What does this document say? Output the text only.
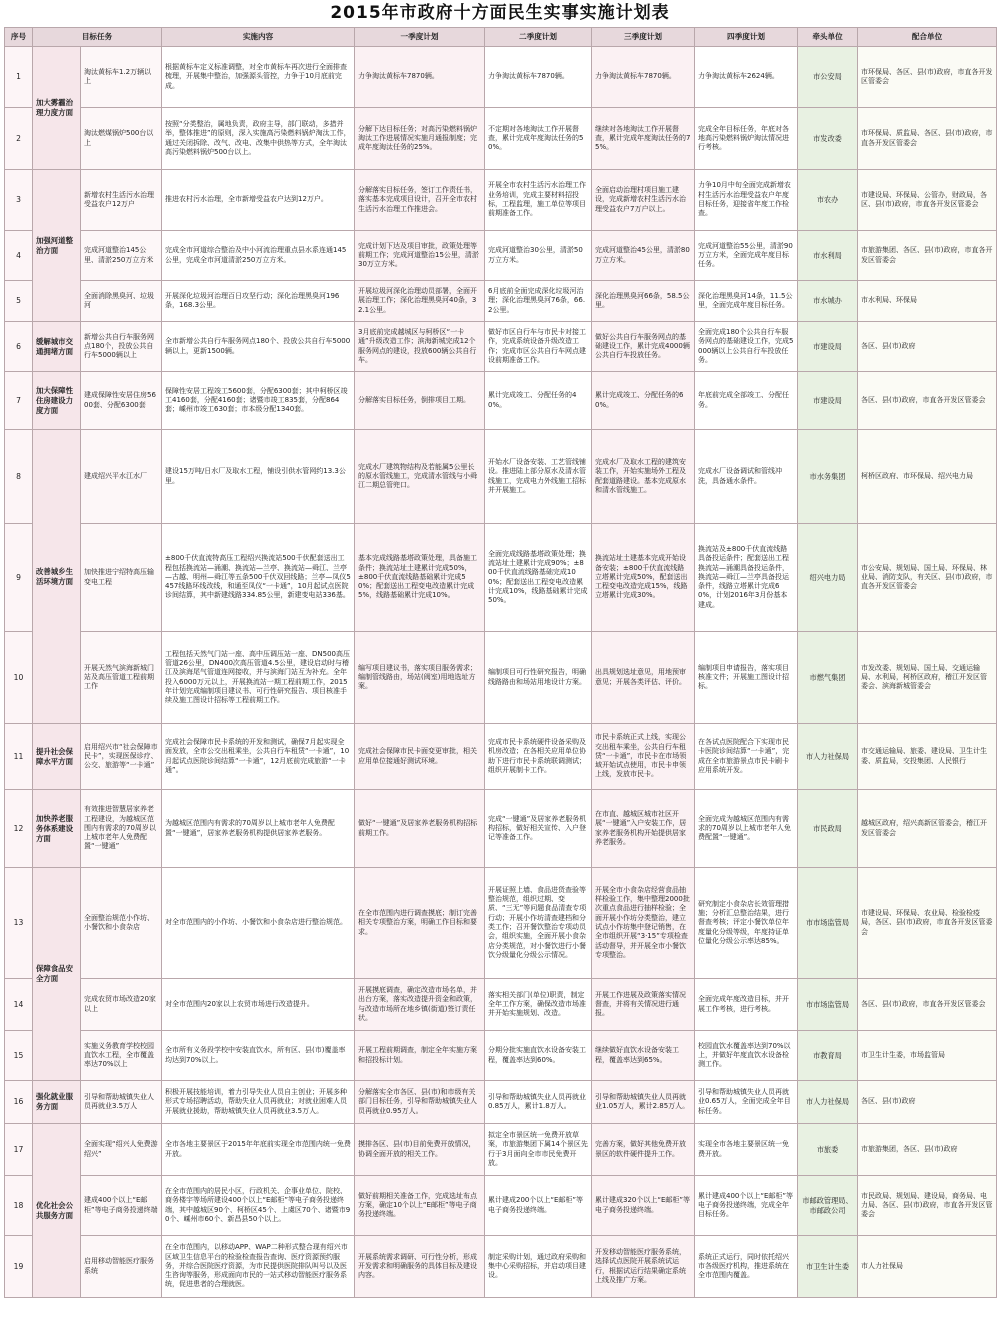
2015年市政府十方面民生实事实施计划表
序号	目标任务		实施内容	一季度计划	二季度计划	三季度计划	四季度计划	牵头单位	配合单位
1	加大雾霾治理力度方面	淘汰黄标车1.2万辆以上	根据黄标车定义标准调整，对全市黄标车再次进行全面排查梳理，开展集中整治，加强源头管控，力争于10月底前完成。	力争淘汰黄标车7870辆。	力争淘汰黄标车7870辆。	力争淘汰黄标车7870辆。	力争淘汰黄标车2624辆。	市公安局	市环保局、各区、县(市)政府，市直各开发区管委会
2		淘汰燃煤锅炉500台以上	按照“分类整治，属地负责，政府主导，部门联动，多措并举，整体推进”的原则，深入实施高污染燃料锅炉淘汰工作，通过关闭拆除、改气、改电、改集中供热等方式，全年淘汰高污染燃料锅炉500台以上。	分解下达目标任务；对高污染燃料锅炉淘汰工作进展情况实施月通报制度；完成年度淘汰任务的25%。	不定期对各地淘汰工作开展督查，累计完成年度淘汰任务的50%。	继续对各地淘汰工作开展督查，累计完成年度淘汰任务的75%。	完成全年目标任务，年底对各地高污染燃料锅炉淘汰情况进行考核。	市发改委	市环保局、质监局、各区、县(市)政府，市直各开发区管委会
3	加强河道整治方面	新增农村生活污水治理受益农户12万户	推进农村污水治理，全市新增受益农户达到12万户。	分解落实目标任务，签订工作责任书，落实基本完成项目设计，召开全市农村生活污水治理工作推进会。	开展全市农村生活污水治理工作业务培训，完成主要材料招投标，工程监理，施工单位等项目前期准备工作。	全面启动治理村项目施工建设，完成新增农村生活污水治理受益农户7万户以上。	力争10月中旬全面完成新增农村生活污水治理受益农户年度目标任务，迎接省年度工作检查。	市农办	市建设局、环保局、公管办，财政局，各区、县(市)政府，市直各开发区管委会
4		完成河道整治145公里、清淤250万立方米	完成全市河道综合整治及中小河流治理重点县水系连通145公里，完成全市河道清淤250万立方米。	完成计划下达及项目审批，政策处理等前期工作；完成河道整治15公里，清淤30万立方米。	完成河道整治30公里，清淤50万立方米。	完成河道整治45公里，清淤80万立方米。	完成河道整治55公里，清淤90万立方米，全面完成年度目标任务。	市水利局	市旅游集团、各区、县(市)政府，市直各开发区管委会
5		全面消除黑臭河、垃圾河	开展深化垃圾河治理百日攻坚行动；深化治理黑臭河196条，168.3公里。	开展垃圾河深化治理动员部署，全面开展治理工作；深化治理黑臭河40条，32.1公里。	6月底前全面完成深化垃圾河治理；深化治理黑臭河76条，66.2公里。	深化治理黑臭河66条，58.5公里。	深化治理黑臭河14条，11.5公里，全面完成年度目标任务。	市水城办	市水利局、环保局
6	缓解城市交通拥堵方面	新增公共自行车服务网点180个，投放公共自行车5000辆以上	全市新增公共自行车服务网点180个、投放公共自行车5000辆以上，更新1500辆。	3月底前完成越城区与柯桥区“一卡通”升级改造工作；滨海新城完成12个服务网点的建设，投放600辆公共自行车。	做好市区自行车与市民卡对接工作，完成系统设备升级改造工作；完成市区公共自行车网点建设前期准备工作。	做好公共自行车服务网点的基础建设工作，累计完成4000辆公共自行车投放任务。	全面完成180个公共自行车服务网点的基础建设工作，完成5000辆以上公共自行车投放任务。	市建设局	各区、县(市)政府
7	加大保障性住房建设力度方面	建成保障性安居住房5600套、分配6300套	保障性安居工程竣工5600套，分配6300套；其中柯桥区竣工4160套，分配4160套；诸暨市竣工835套，分配864套；嵊州市竣工630套；市本级分配1340套。	分解落实目标任务，倒排项目工期。	累计完成竣工、分配任务的40%。	累计完成竣工、分配任务的60%。	年底前完成全部竣工、分配任务。	市建设局	各区、县(市)政府，市直各开发区管委会
8	改善城乡生活环境方面	建成绍兴平水江水厂	建设15万吨/日水厂及取水工程，铺设引供水管网约13.3公里。	完成水厂建筑物结构及若能属5公里长的原水管线施工，完成清水管线与小舜江二期总管兜口。	开始水厂设备安装、工艺管线铺设。推进陆上部分原水及清水管线施工，完成电力外线施工招标并开展施工。	完成水厂及取水工程的建筑安装工作，开始实施场外工程及配套道路建设。基本完成原水和清水管线施工。	完成水厂设备调试和管线冲洗，具备通水条件。	市水务集团	柯桥区政府、市环保局、绍兴电力局
9		加快推进宁绍特高压输变电工程	±800千伏直流特高压工程绍兴换流站500千伏配套送出工程包括换流站—涌潮、换流站—兰亭、换流站—舜江、兰亭—古越、明州—舜江等五条500千伏双回线路；兰亭—凤仪5457线路环线改线，和通至凤仪“一卡通”，10月起试点医院诊间结算，其中新建线路334.85公里，新建变电站336基。	基本完成线路基塔政策处理，具备施工条件；换流站址土建累计完成50%，±800千伏直流线路基础累计完成50%；配套送出工程变电改造累计完成5%，线路基础累计完成10%。	全面完成线路基塔政策处理；换流站址土建累计完成90%；±800千伏直流线路基础完成100%；配套送出工程变电改造累计完成10%，线路基础累计完成50%。	换流站址土建基本完成开始设备安装；±800千伏直流线路立塔累计完成50%，配套送出工程变电改造完成15%，线路立塔累计完成30%。	换流站及±800千伏直流线路具备投运条件；配套送出工程换流站—涌潮具备投运条件，换流站—舜江—兰亭具备投运条件，线路立塔累计完成60%，计划2016年3月份基本建成。	绍兴电力局	市公安局、规划局、国土局、环保局、林业局、消防支队，有关区、县(市)政府，市直各开发区管委会
10		开展天然气滨海新城门站及高压管道工程前期工作	工程包括天然气门站一座、高中压调压站一座、DN500高压管道26公里，DN400次高压管道4.5公里，建设启动时与稽江及滨海尾气管道连网接收，并与滨海门站互为补充。全年投入6000万元以上，开展换流站一期工程前期工作，2015年计划完成编制项目建议书、可行性研究报告、项目核准手续及施工图设计招标等工程前期工作。	编写项目建议书，落实项目服务需求；编制管线路由，场站(阀室)用地选址方案。	编制项目可行性研究报告，明确线路路由和场站用地设计方案。	出具规划选址意见，用地预审意见；开展各类评估、评价。	编制项目申请报告，落实项目核准文件；开展施工图设计招标。	市燃气集团	市发改委、规划局、国土局、交通运输局、水利局，柯桥区政府，稽江开发区管委会、滨海新城管委会
11	提升社会保障水平方面	启用绍兴市“社会保障市民卡”，实现医保诊疗、公交、旅游等“一卡通”	完成社会保障市民卡系统的开发和测试，确保7月起实现全面发放，全市公交出租乘坐，公共自行车租赁“一卡通”，10月起试点医院诊间结算“一卡通”，12月底前完成旅游“一卡通”。	完成社会保障市民卡面变更审批，相关应用单位接通好测试环境。	完成市民卡系统硬件设备采购及机房改造；在各相关应用单位协助下进行市民卡系统联调测试；组织开展制卡工作。	市民卡系统正式上线，实现公交出租车乘坐，公共自行车租赁“一卡通”，市民卡在市场领域开始试点使用，市民卡申领上线，发放市民卡。	在各试点医院配合下实现市民卡医院诊间结算“一卡通”，完成在全市旅游景点市民卡刷卡应用系统开发。	市人力社保局	市交通运输局、旅委、建设局、卫生计生委、质监局，交投集团、人民银行
12	加快养老服务体系建设方面	有效推进智慧居家养老工程建设，为越城区范围内有需求的70周岁以上城市老年人免费配置“一键通”	为越城区范围内有需求的70周岁以上城市老年人免费配置“一键通”，居家养老服务机构提供居家养老服务。	做好“一键通”及居家养老服务机构招标前期工作。	完成“一键通”及居家养老服务机构招标，做好相关宣传、入户登记等准备工作。	在市直、越城区城市社区开展“一键通”入户安装工作，居家养老服务机构开始提供居家养老服务。	全面完成为越城区范围内有需求的70周岁以上城市老年人免费配置“一键通”。	市民政局	越城区政府，绍兴高新区管委会，稽江开发区管委会
13	保障食品安全方面	全面整治规范小作坊、小餐饮和小食杂店	对全市范围内的小作坊、小餐饮和小食杂店进行整治规范。	在全市范围内进行调查摸底；制订完善相关专项整治方案，明确工作目标和要求。	开展证照上墙、食品进货查验等整治规范，组织过期、变质、“三无”等问题食品清查专项行动；开展小作坊清查建档和分类工作；召开餐饮整治专项动员会，组织实施，全面开展小食杂店分类规范，对小餐饮进行小餐饮分级量化分级公示情况。	开展全市小食杂店经营食品抽样检验工作，集中整理2000批次重点食品进行抽样检验；全面开展小作坊分类整治，建立试点小作坊集中登记销售，在全市组织开展“3·15”专项检查活动督导，并开展全市小餐饮专项整治。	研究制定小食杂店长效管理措施；分析汇总整治结果，进行督查考核；评定小餐饮单位年度量化分级等级，年度持证单位量化分级公示率达85%。	市市场监管局	市建设局、环保局、农业局、检验检疫局，各区、县(市)政府，市直各开发区管委会
14		完成农贸市场改造20家以上	对全市范围内20家以上农贸市场进行改造提升。	开展摸底调查，确定改造市场名单，并出台方案，落实改造提升资金和政策，与改造市场所在地乡镇(街道)签订责任状。	落实相关部门(单位)职责，制定全年工作方案，确保改造市场准并开始实施规划、改造。	开展工作进展及政策落实情况督查，并将有关情况进行通报。	全面完成年度改造目标，并开展工作考核，进行考核。	市市场监管局	各区、县(市)政府，市直各开发区管委会
15		实施义务教育学校校园直饮水工程，全市覆盖率达70%以上	全市所有义务段学校中安装直饮水，所有区、县(市)覆盖率均达到70%以上。	开展工程前期调查，制定全年实施方案和招投标计划。	分期分批实施直饮水设备安装工程，覆盖率达到60%。	继续做好直饮水设备安装工程，覆盖率达到65%。	校园直饮水覆盖率达到70%以上，并做好年度直饮水设备检测工作。	市教育局	市卫生计生委，市场监管局
16	强化就业服务方面	引导和帮助城镇失业人员再就业3.5万人	积极开展技能培训，着力引导失业人员自主创业；开展多种形式专场招聘活动，帮助失业人员再就业；对就业困难人员开展就业援助，帮助城镇失业人员再就业3.5万人。	分解落实全市各区、县(市)和市级有关部门目标任务，引导和帮助城镇失业人员再就业0.95万人。	引导和帮助城镇失业人员再就业0.85万人，累计1.8万人。	引导和帮助城镇失业人员再就业1.05万人，累计2.85万人。	引导和帮助城镇失业人员再就业0.65万人，全面完成全年目标任务。	市人力社保局	各区、县(市)政府
17	优化社会公共服务方面	全面实现“绍兴人免费游绍兴”	全市各地主要景区于2015年年底前实现全市范围内统一免费开放。	摸排各区、县(市)目前免费开放情况，协调全面开放的相关工作。	拟定全市景区统一免费开放草案，市旅游集团下属14个景区先行于3月面向全市市民免费开放。	完善方案，做好其他免费开放景区的软件硬件提升工作。	实现全市各地主要景区统一免费开放。	市旅委	市旅游集团，各区、县(市)政府
18		建成400个以上“E邮柜”等电子商务投递终端	在全市范围内的居民小区，行政机关、企事业单位、院校、商务楼宇等场所建设400个以上“E邮柜”等电子商务投递终端，其中越城区90个、柯桥区45个、上虞区70个、诸暨市90个、嵊州市60个、新昌县50个以上。	做好前期相关准备工作，完成选址布点方案，确定10个以上“E邮柜”等电子商务投递终端。	累计建成200个以上“E邮柜”等电子商务投递终端。	累计建成320个以上“E邮柜”等电子商务投递终端。	累计建成400个以上“E邮柜”等电子商务投递终端，完成全年目标任务。	市邮政管理局、市邮政公司	市民政局、规划局、建设局，商务局、电力局、各区、县(市)政府，市直各开发区管委会
19		启用移动智能医疗服务系统	在全市范围内，以移动APP、WAP二种形式整合现有绍兴市区域卫生信息平台的检验检查报告查询、医疗资源预约服务，并综合医院医疗资源，为市民提供医院排队叫号以及医生咨询等服务，形成面向市民的一站式移动智能医疗服务系统，促进患者的合理就医。	开展系统需求调研、可行性分析，形成开发需求和明确服务的具体目标及建设内容。	制定采购计划，通过政府采购和集中心采购招标，并启动项目建设。	开发移动智能医疗服务系统，选择试点医院开展系统试运行，根据试运行结果确定系统上线及推广方案。	系统正式运行，同时依托绍兴市各级医疗机构，推进系统在全市范围内覆盖。	市卫生计生委	市人力社保局
